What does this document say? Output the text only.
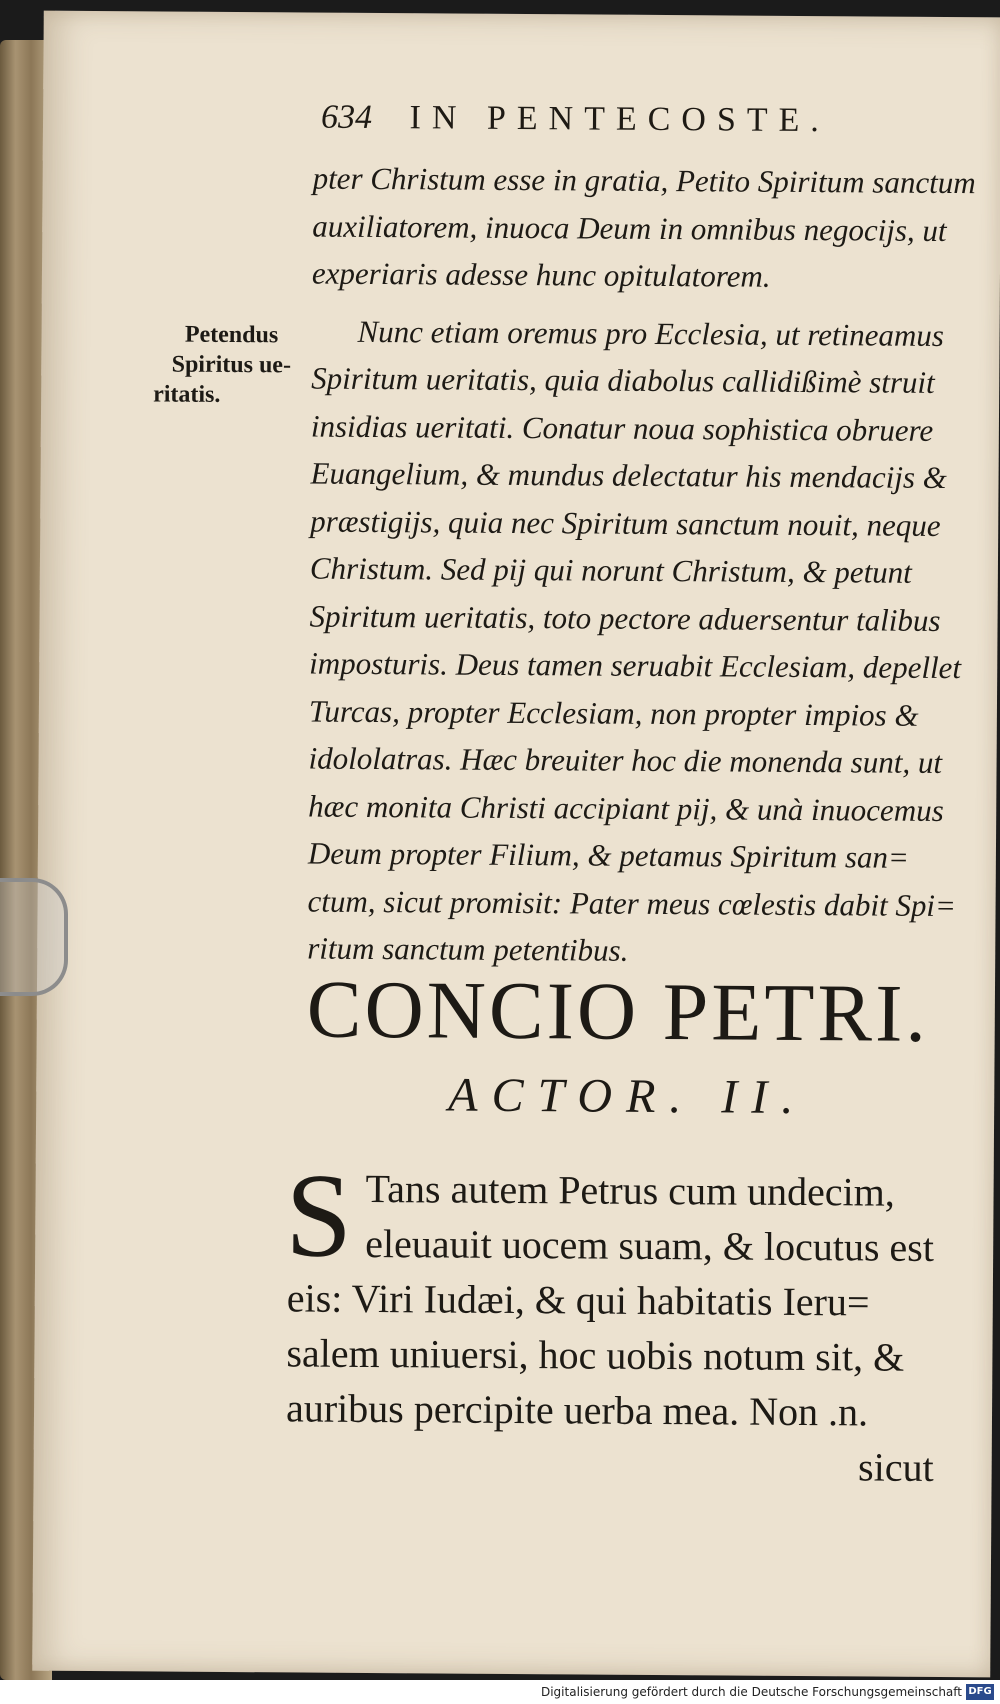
634 IN PENTECOSTE.
Petendus
Spiritus ue-
ritatis.
pter Christum esse in gratia, Petito Spiritum sanctum
auxiliatorem, inuoca Deum in omnibus negocijs, ut
experiaris adesse hunc opitulatorem.
Nunc etiam oremus pro Ecclesia, ut retineamus
Spiritum ueritatis, quia diabolus callidißimè struit
insidias ueritati. Conatur noua sophistica obruere
Euangelium, & mundus delectatur his mendacijs &
præstigijs, quia nec Spiritum sanctum nouit, neque
Christum. Sed pij qui norunt Christum, & petunt
Spiritum ueritatis, toto pectore aduersentur talibus
imposturis. Deus tamen seruabit Ecclesiam, depellet
Turcas, propter Ecclesiam, non propter impios &
idololatras. Hæc breuiter hoc die monenda sunt, ut
hæc monita Christi accipiant pij, & unà inuocemus
Deum propter Filium, & petamus Spiritum san=
ctum, sicut promisit: Pater meus cœlestis dabit Spi=
ritum sanctum petentibus.
CONCIO PETRI.
ACTOR. II.
S Tans autem Petrus cum undecim,
eleuauit uocem suam, & locutus est
eis: Viri Iudæi, & qui habitatis Ieru=
salem uniuersi, hoc uobis notum sit, &
auribus percipite uerba mea. Non .n.
sicut
Digitalisierung gefördert durch die Deutsche Forschungsgemeinschaft DFG
